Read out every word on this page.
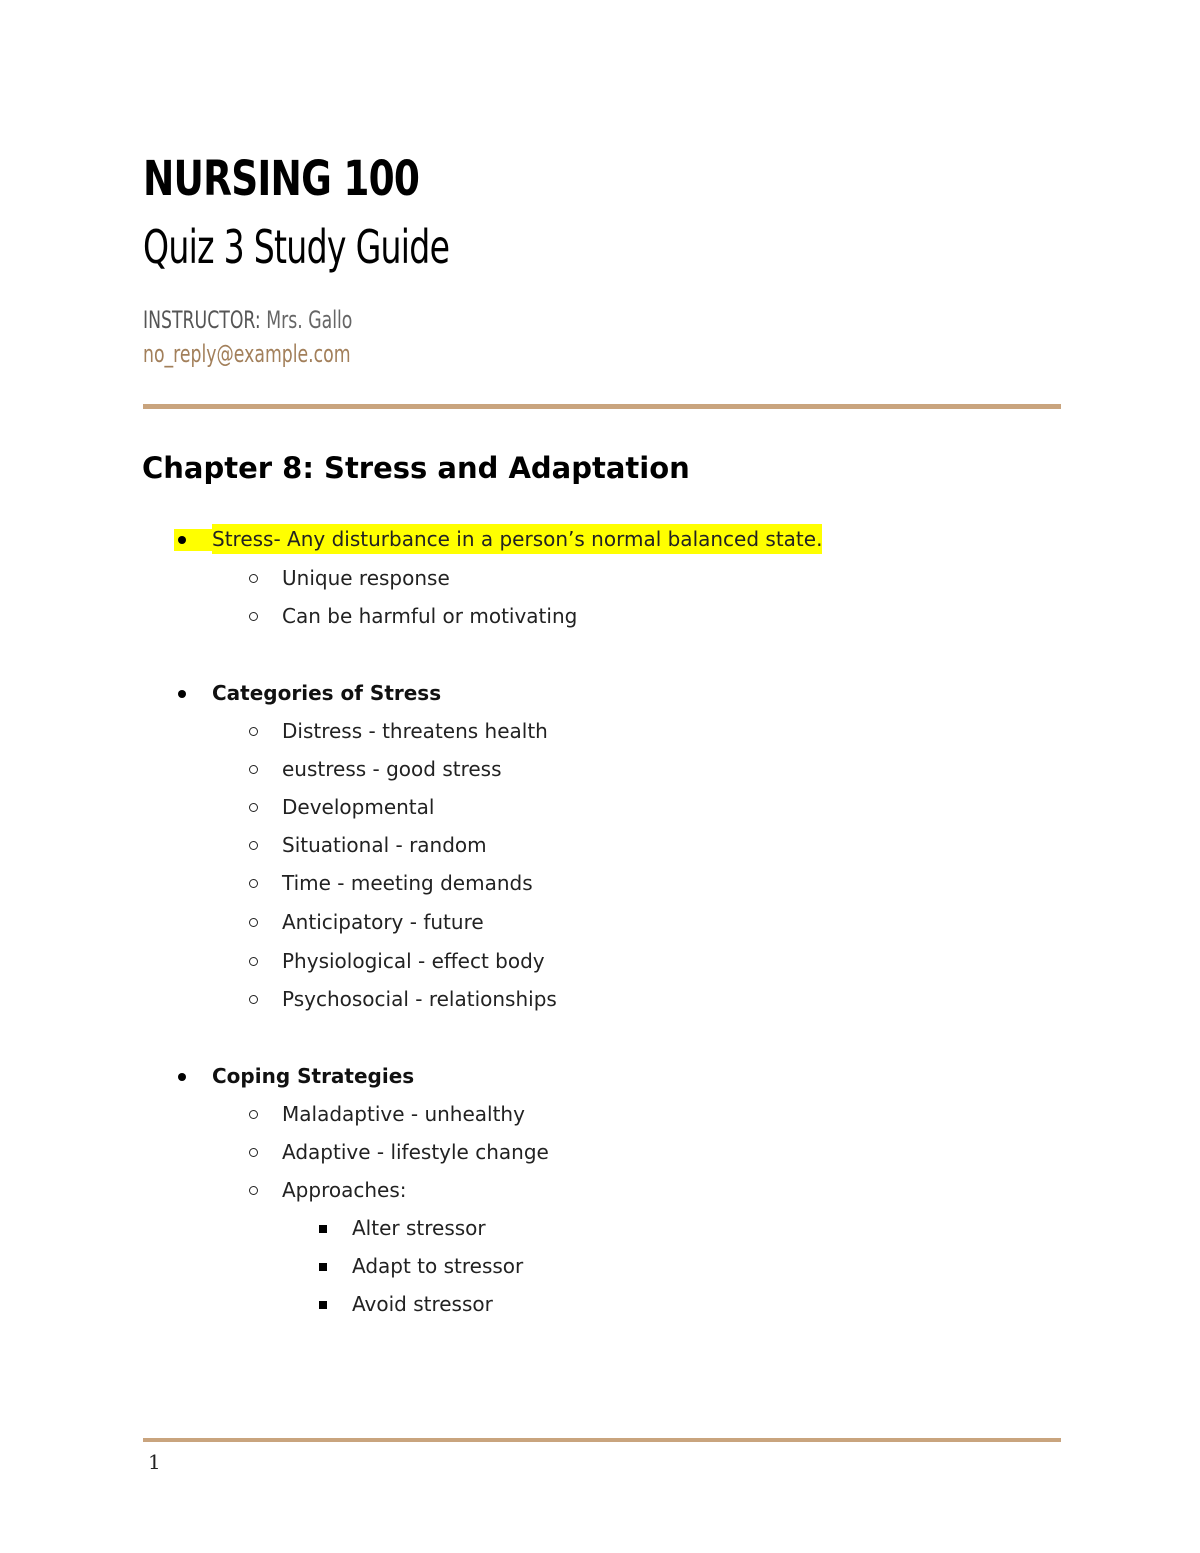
NURSING 100
Quiz 3 Study Guide
INSTRUCTOR: Mrs. Gallo
no_reply@example.com
Chapter 8: Stress and Adaptation
Stress- Any disturbance in a person’s normal balanced state.
Unique response
Can be harmful or motivating
Categories of Stress
Distress - threatens health
eustress - good stress
Developmental
Situational - random
Time - meeting demands
Anticipatory - future
Physiological - effect body
Psychosocial - relationships
Coping Strategies
Maladaptive - unhealthy
Adaptive - lifestyle change
Approaches:
Alter stressor
Adapt to stressor
Avoid stressor
1
